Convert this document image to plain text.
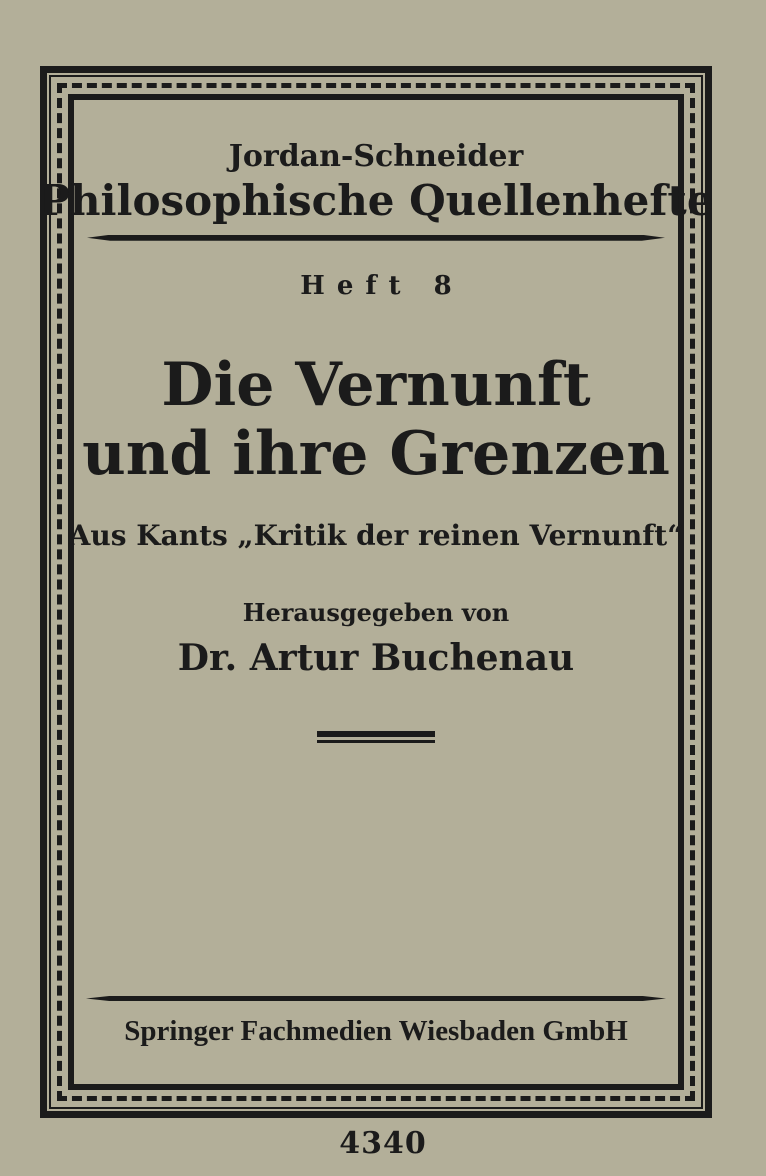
Jordan-Schneider
Philosophische Quellenhefte
Heft 8
Die Vernunft
und ihre Grenzen
Aus Kants „Kritik der reinen Vernunft“
Herausgegeben von
Dr. Artur Buchenau
Springer Fachmedien Wiesbaden GmbH
4340
